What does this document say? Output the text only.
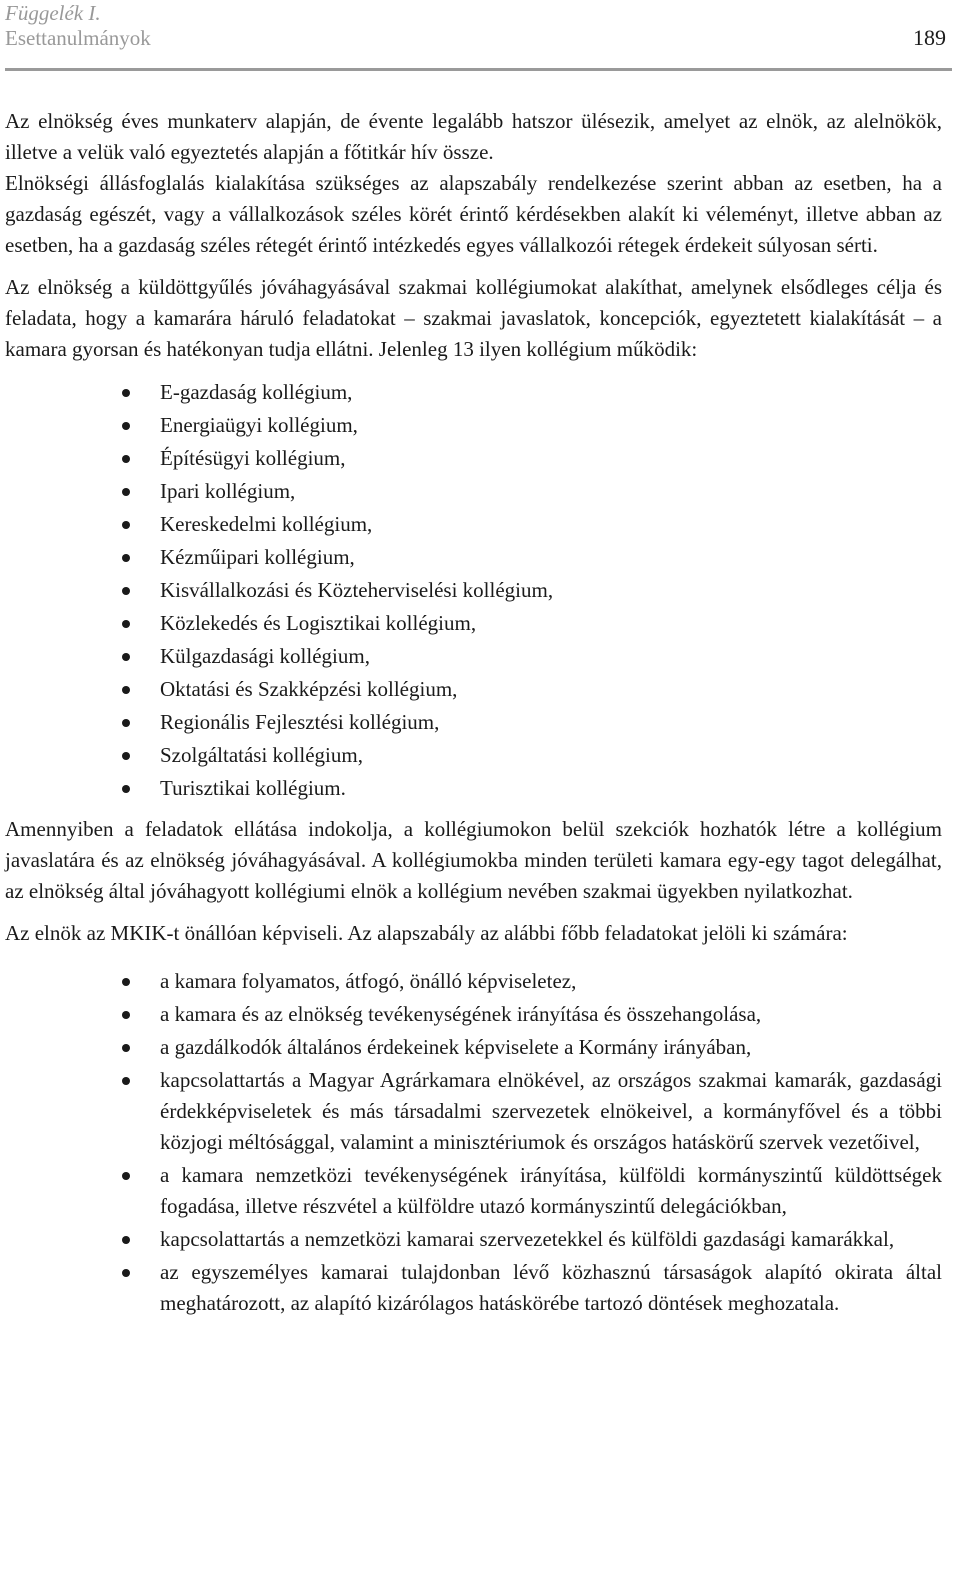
Függelék I.
Esettanulmányok	189

Az elnökség éves munkaterv alapján, de évente legalább hatszor ülésezik, amelyet az elnök, az alelnökök, illetve a velük való egyeztetés alapján a főtitkár hív össze.

Elnökségi állásfoglalás kialakítása szükséges az alapszabály rendelkezése szerint abban az esetben, ha a gazdaság egészét, vagy a vállalkozások széles körét érintő kérdésekben alakít ki véleményt, illetve abban az esetben, ha a gazdaság széles rétegét érintő intézkedés egyes vállalkozói rétegek érdekeit súlyosan sérti.

Az elnökség a küldöttgyűlés jóváhagyásával szakmai kollégiumokat alakíthat, amelynek elsődleges célja és feladata, hogy a kamarára háruló feladatokat – szakmai javaslatok, koncepciók, egyeztetett kialakítását – a kamara gyorsan és hatékonyan tudja ellátni. Jelenleg 13 ilyen kollégium működik:

E-gazdaság kollégium,
Energiaügyi kollégium,
Építésügyi kollégium,
Ipari kollégium,
Kereskedelmi kollégium,
Kézműipari kollégium,
Kisvállalkozási és Közteherviselési kollégium,
Közlekedés és Logisztikai kollégium,
Külgazdasági kollégium,
Oktatási és Szakképzési kollégium,
Regionális Fejlesztési kollégium,
Szolgáltatási kollégium,
Turisztikai kollégium.

Amennyiben a feladatok ellátása indokolja, a kollégiumokon belül szekciók hozhatók létre a kollégium javaslatára és az elnökség jóváhagyásával. A kollégiumokba minden területi kamara egy-egy tagot delegálhat, az elnökség által jóváhagyott kollégiumi elnök a kollégium nevében szakmai ügyekben nyilatkozhat.

Az elnök az MKIK-t önállóan képviseli. Az alapszabály az alábbi főbb feladatokat jelöli ki számára:

a kamara folyamatos, átfogó, önálló képviseletez,
a kamara és az elnökség tevékenységének irányítása és összehangolása,
a gazdálkodók általános érdekeinek képviselete a Kormány irányában,
kapcsolattartás a Magyar Agrárkamara elnökével, az országos szakmai kamarák, gazdasági érdekképviseletek és más társadalmi szervezetek elnökeivel, a kormányfővel és a többi közjogi méltósággal, valamint a minisztériumok és országos hatáskörű szervek vezetőivel,
a kamara nemzetközi tevékenységének irányítása, külföldi kormányszintű küldöttségek fogadása, illetve részvétel a külföldre utazó kormányszintű delegációkban,
kapcsolattartás a nemzetközi kamarai szervezetekkel és külföldi gazdasági kamarákkal,
az egyszemélyes kamarai tulajdonban lévő közhasznú társaságok alapító okirata által meghatározott, az alapító kizárólagos hatáskörébe tartozó döntések meghozatala.
